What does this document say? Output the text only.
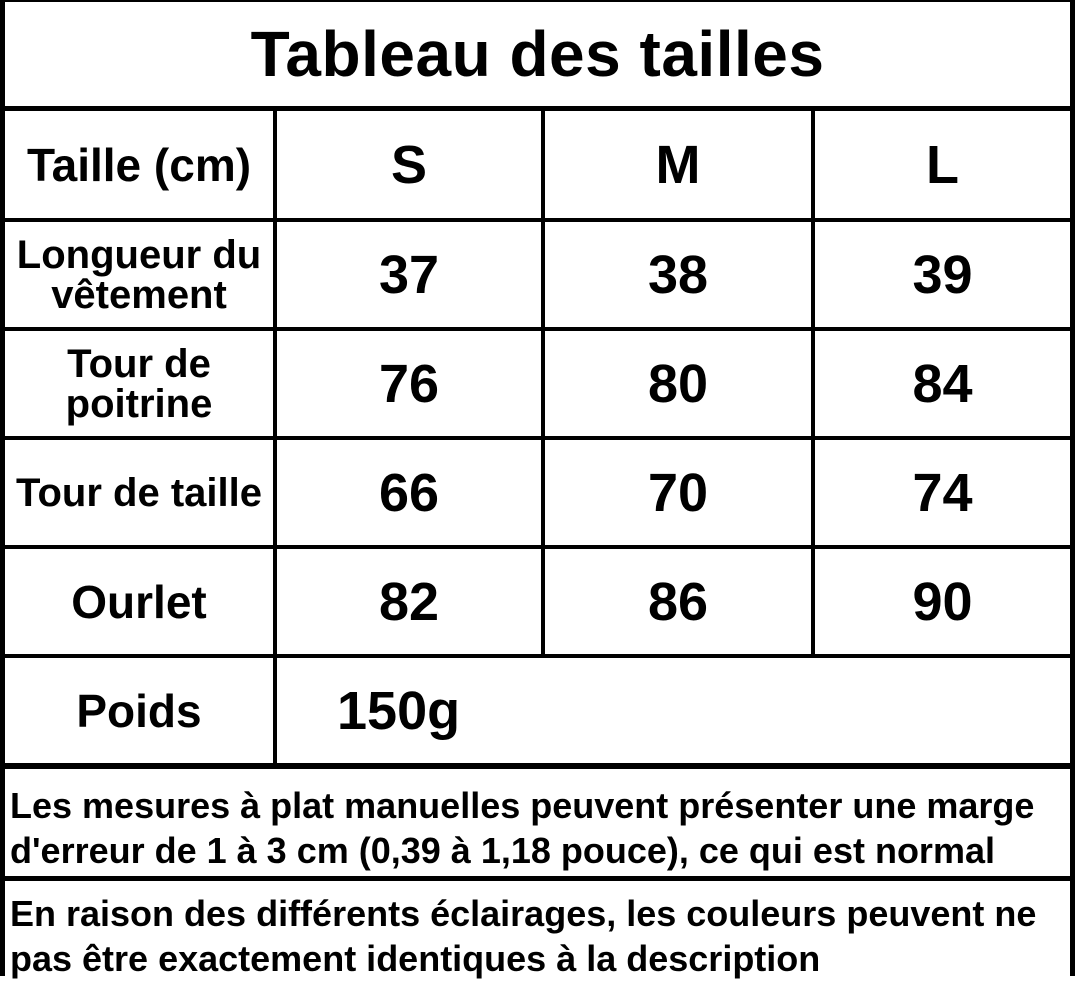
Tableau des tailles
Taille (cm)	S	M	L

Longueur du
vêtement	37	38	39

Tour de
poitrine	76	80	84

Tour de taille	66	70	74
Ourlet	82	86	90
Poids	150g		
Les mesures à plat manuelles peuvent présenter une marge
d'erreur de 1 à 3 cm (0,39 à 1,18 pouce), ce qui est normal
En raison des différents éclairages, les couleurs peuvent ne
pas être exactement identiques à la description
